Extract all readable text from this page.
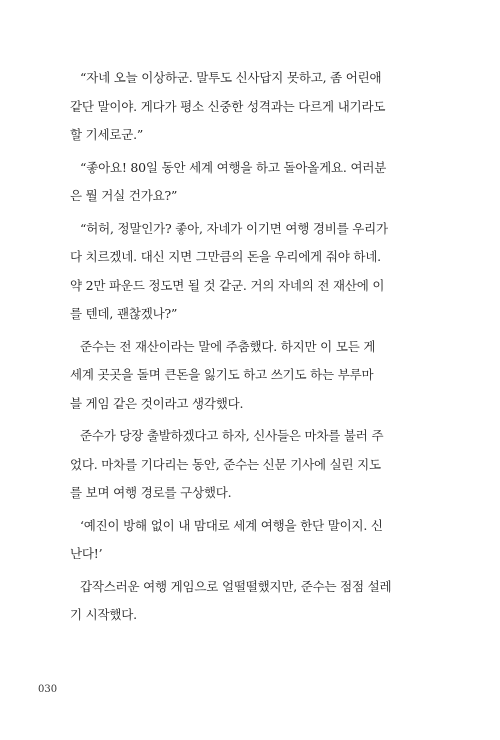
“자네 오늘 이상하군. 말투도 신사답지 못하고, 좀 어린애
같단 말이야. 게다가 평소 신중한 성격과는 다르게 내기라도
할 기세로군.”
“좋아요! 80일 동안 세계 여행을 하고 돌아올게요. 여러분
은 뭘 거실 건가요?”
“허허, 정말인가? 좋아, 자네가 이기면 여행 경비를 우리가
다 치르겠네. 대신 지면 그만큼의 돈을 우리에게 줘야 하네.
약 2만 파운드 정도면 될 것 같군. 거의 자네의 전 재산에 이
를 텐데, 괜찮겠나?”
준수는 전 재산이라는 말에 주춤했다. 하지만 이 모든 게
세계 곳곳을 돌며 큰돈을 잃기도 하고 쓰기도 하는 부루마
블 게임 같은 것이라고 생각했다.
준수가 당장 출발하겠다고 하자, 신사들은 마차를 불러 주
었다. 마차를 기다리는 동안, 준수는 신문 기사에 실린 지도
를 보며 여행 경로를 구상했다.
‘예진이 방해 없이 내 맘대로 세계 여행을 한단 말이지. 신
난다!’
갑작스러운 여행 게임으로 얼떨떨했지만, 준수는 점점 설레
기 시작했다.
030
